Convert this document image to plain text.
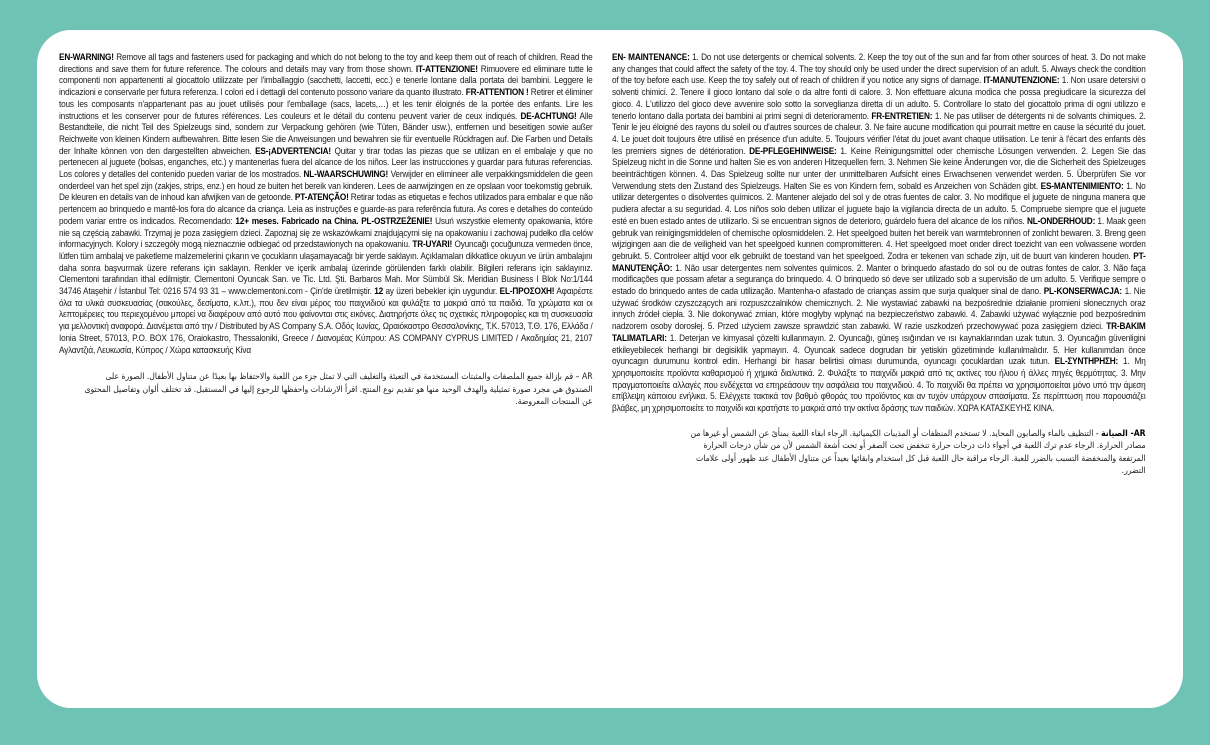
EN-WARNING! Remove all tags and fasteners used for packaging and which do not belong to the toy and keep them out of reach of children. Read the directions and save them for future reference. The colours and details may vary from those shown. IT-ATTENZIONE! Rimuovere ed eliminare tutte le componenti non appartenenti al giocattolo utilizzate per l'imballaggio (sacchetti, laccetti, ecc.) e tenerle lontane dalla portata dei bambini. Leggere le indicazioni e conservarle per futura referenza. I colori ed i dettagli del contenuto possono variare da quanto illustrato. FR-ATTENTION ! Retirer et éliminer tous les composants n'appartenant pas au jouet utilisés pour l'emballage (sacs, lacets,…) et les tenir éloignés de la portée des enfants. Lire les instructions et les conserver pour de futures références. Les couleurs et le détail du contenu peuvent varier de ceux indiqués. DE-ACHTUNG! Alle Bestandteile, die nicht Teil des Spielzeugs sind, sondern zur Verpackung gehören (wie Tüten, Bänder usw.), entfernen und beseitigen sowie außer Reichweite von kleinen Kindern aufbewahren. Bitte lesen Sie die Anweisungen und bewahren sie für eventuelle Rückfragen auf. Die Farben und Details der Inhalte können von den dargestellten abweichen. ES-¡ADVERTENCIA! Quitar y tirar todas las piezas que se utilizan en el embalaje y que no pertenecen al juguete (bolsas, enganches, etc.) y mantenerlas fuera del alcance de los niños. Leer las instrucciones y guardar para futuras referencias. Los colores y detalles del contenido pueden variar de los mostrados. NL-WAARSCHUWING! Verwijder en elimineer alle verpakkingsmiddelen die geen onderdeel van het spel zijn (zakjes, strips, enz.) en houd ze buiten het bereik van kinderen. Lees de aanwijzingen en ze opslaan voor toekomstig gebruik. De kleuren en details van de inhoud kan afwijken van de getoonde. PT-ATENÇÃO! Retirar todas as etiquetas e fechos utilizados para embalar e que não pertencem ao brinquedo e mantê-los fora do alcance da criança. Leia as instruções e guarde-as para referência futura. As cores e detalhes do conteúdo podem variar entre os indicados. Recomendado: 12+ meses. Fabricado na China. PL-OSTRZEŻENIE! Usuń wszystkie elementy opakowania, które nie są częścią zabawki. Trzymaj je poza zasięgiem dzieci. Zapoznaj się ze wskazówkami znajdującymi się na opakowaniu i zachowaj pudełko dla celów informacyjnych. Kolory i szczegóły mogą nieznacznie odbiegać od przedstawionych na opakowaniu. TR-UYARI! Oyuncağı çocuğunuza vermeden önce, lütfen tüm ambalaj ve paketleme malzemelerini çıkarın ve çocukların ulaşamayacağı bir yerde saklayın. Açıklamaları dikkatlice okuyun ve ürün ambalajını daha sonra başvurmak üzere referans için saklayın. Renkler ve içerik ambalaj üzerinde görülenden farklı olabilir. Bilgileri referans için saklayınız. Clementoni tarafından ithal edilmiştir. Clementoni Oyuncak San. ve Tic. Ltd. Şti. Barbaros Mah. Mor Sümbül Sk. Meridian Business I Blok No:1/144 34746 Ataşehir / İstanbul Tel: 0216 574 93 31 – www.clementoni.com - Çin'de üretilmiştir. 12 ay üzeri bebekler için uygundur. EL-ΠΡΟΣΟΧΗ! Αφαιρέστε όλα τα υλικά συσκευασίας (σακούλες, δεσίματα, κ.λπ.), που δεν είναι μέρος του παιχνιδιού και φυλάξτε τα μακριά από τα παιδιά. Τα χρώματα και οι λεπτομέρειες του περιεχομένου μπορεί να διαφέρουν από αυτό που φαίνονται στις εικόνες. Διατηρήστε όλες τις σχετικές πληροφορίες και τη συσκευασία για μελλοντική αναφορά. Διανέμεται από την / Distributed by AS Company S.A. Οδός Ιωνίας, Ωραιόκαστρο Θεσσαλονίκης, Τ.Κ. 57013, Τ.Θ. 176, Ελλάδα / Ionia Street, 57013, P.O. BOX 176, Oraiokastro, Thessaloniki, Greece / Διανομέας Κύπρου: AS COMPANY CYPRUS LIMITED / Ακαδημίας 21, 2107 Αγλαντζιά, Λευκωσία, Κύπρος / Χώρα κατασκευής Κίνα

AR – قم بإزالة جميع الملصقات والمثبتات المستخدمة في التعبئة والتغليف التي لا تمثل جزء من اللعبة والاحتفاظ بها بعيدًا عن متناول الأطفال. الصورة على الصندوق هي مجرد صورة تمثيلية والهدف الوحيد منها هو تقديم نوع المنتج. اقرأ الارشادات واحفظها للرجوع إليها في المستقبل. قد تختلف ألوان وتفاصيل المحتوى عن المنتجات المعروضة.

EN- MAINTENANCE: 1. Do not use detergents or chemical solvents. 2. Keep the toy out of the sun and far from other sources of heat. 3. Do not make any changes that could affect the safety of the toy. 4. The toy should only be used under the direct supervision of an adult. 5. Always check the condition of the toy before each use. Keep the toy safely out of reach of children if you notice any signs of damage. IT-MANUTENZIONE: 1. Non usare detersivi o solventi chimici. 2. Tenere il gioco lontano dal sole o da altre fonti di calore. 3. Non effettuare alcuna modica che possa pregiudicare la sicurezza del gioco. 4. L'utilizzo del gioco deve avvenire solo sotto la sorveglianza diretta di un adulto. 5. Controllare lo stato del giocattolo prima di ogni utilizzo e tenerlo lontano dalla portata dei bambini ai primi segni di deterioramento. FR-ENTRETIEN: 1. Ne pas utiliser de détergents ni de solvants chimiques. 2. Tenir le jeu éloigné des rayons du soleil ou d'autres sources de chaleur. 3. Ne faire aucune modification qui pourrait mettre en cause la sécurité du jouet. 4. Le jouet doit toujours être utilisé en présence d'un adulte. 5. Toujours vérifier l'état du jouet avant chaque utilisation. Le tenir à l'écart des enfants dès les premiers signes de détérioration. DE-PFLEGEHINWEISE: 1. Keine Reinigungsmittel oder chemische Lösungen verwenden. 2. Legen Sie das Spielzeug nicht in die Sonne und halten Sie es von anderen Hitzequellen fern. 3. Nehmen Sie keine Änderungen vor, die die Sicherheit des Spielzeuges beeinträchtigen können. 4. Das Spielzeug sollte nur unter der unmittelbaren Aufsicht eines Erwachsenen verwendet werden. 5. Überprüfen Sie vor Verwendung stets den Zustand des Spielzeugs. Halten Sie es von Kindern fern, sobald es Anzeichen von Schäden gibt. ES-MANTENIMIENTO: 1. No utilizar detergentes o disolventes químicos. 2. Mantener alejado del sol y de otras fuentes de calor. 3. No modifique el juguete de ninguna manera que pudiera afectar a su seguridad. 4. Los niños solo deben utilizar el juguete bajo la vigilancia directa de un adulto. 5. Compruebe siempre que el juguete esté en buen estado antes de utilizarlo. Si se encuentran signos de deterioro, guárdelo fuera del alcance de los niños. NL-ONDERHOUD: 1. Maak geen gebruik van reinigingsmiddelen of chemische oplosmiddelen. 2. Het speelgoed buiten het bereik van warmtebronnen of zonlicht bewaren. 3. Breng geen wijzigingen aan die de veiligheid van het speelgoed kunnen compromitteren. 4. Het speelgoed moet onder direct toezicht van een volwassene worden gebruikt. 5. Controleer altijd voor elk gebruikt de toestand van het speelgoed. Zodra er tekenen van schade zijn, uit de buurt van kinderen houden. PT-MANUTENÇÃO: 1. Não usar detergentes nem solventes químicos. 2. Manter o brinquedo afastado do sol ou de outras fontes de calor. 3. Não faça modificações que possam afetar a segurança do brinquedo. 4. O brinquedo só deve ser utilizado sob a supervisão de um adulto. 5. Verifique sempre o estado do brinquedo antes de cada utilização. Mantenha-o afastado de crianças assim que surja qualquer sinal de dano. PL-KONSERWACJA: 1. Nie używać środków czyszczących ani rozpuszczalników chemicznych. 2. Nie wystawiać zabawki na bezpośrednie działanie promieni słonecznych oraz innych źródeł ciepła. 3. Nie dokonywać zmian, które mogłyby wpłynąć na bezpieczeństwo zabawki. 4. Zabawki używać wyłącznie pod bezpośrednim nadzorem osoby dorosłej. 5. Przed użyciem zawsze sprawdzić stan zabawki. W razie uszkodzeń przechowywać poza zasięgiem dzieci. TR-BAKIM TALIMATLARI: 1. Deterjan ve kimyasal çözelti kullanmayın. 2. Oyuncağı, güneş ısığından ve ısı kaynaklarından uzak tutun. 3. Oyuncağın güvenligini etkileyebilecek herhangi bir degisiklik yapmayın. 4. Oyuncak sadece dogrudan bir yetiskin gözetiminde kullanılmalıdır. 5. Her kullanımdan önce oyuncagın durumunu kontrol edin. Herhangi bir hasar belirtisi olması durumunda, oyuncagı çocuklardan uzak tutun. EL-ΣΥΝΤΗΡΗΣΗ: 1. Μη χρησιμοποιείτε προϊόντα καθαρισμού ή χημικά διαλυτικά. 2. Φυλάξτε το παιχνίδι μακριά από τις ακτίνες του ήλιου ή άλλες πηγές θερμότητας. 3. Μην πραγματοποιείτε αλλαγές που ενδέχεται να επηρεάσουν την ασφάλεια του παιχνιδιού. 4. Το παιχνίδι θα πρέπει να χρησιμοποιείται μόνο υπό την άμεση επίβλεψη κάποιου ενήλικα. 5. Ελέγχετε τακτικά τον βαθμό φθοράς του προϊόντος και αν τυχόν υπάρχουν σπασίματα. Σε περίπτωση που παρουσιάζει βλάβες, μη χρησιμοποιείτε το παιχνίδι και κρατήστε το μακριά από την ακτίνα δράσης των παιδιών. ΧΩΡΑ ΚΑΤΑΣΚΕΥΗΣ ΚΙΝΑ.

AR- الصيانة - التنظيف بالماء والصابون المحايد. لا تستخدم المنظفات أو المذيبات الكيميائية. الرجاء ابقاء اللعبة بمنأىً عن الشمس أو غيرها من مصادر الحرارة. الرجاء عدم ترك اللعبة في أجواء ذات درجات حرارة تنخفض تحت الصفر أو تحت أشعة الشمس لأن من شأن درجات الحرارة المرتفعة والمنخفضة التسبب بالضرر للعبة. الرجاء مراقبة حال اللعبة قبل كل استخدام وابقائها بعيداً عن متناول الأطفال عند ظهور أولى علامات التضرر.
